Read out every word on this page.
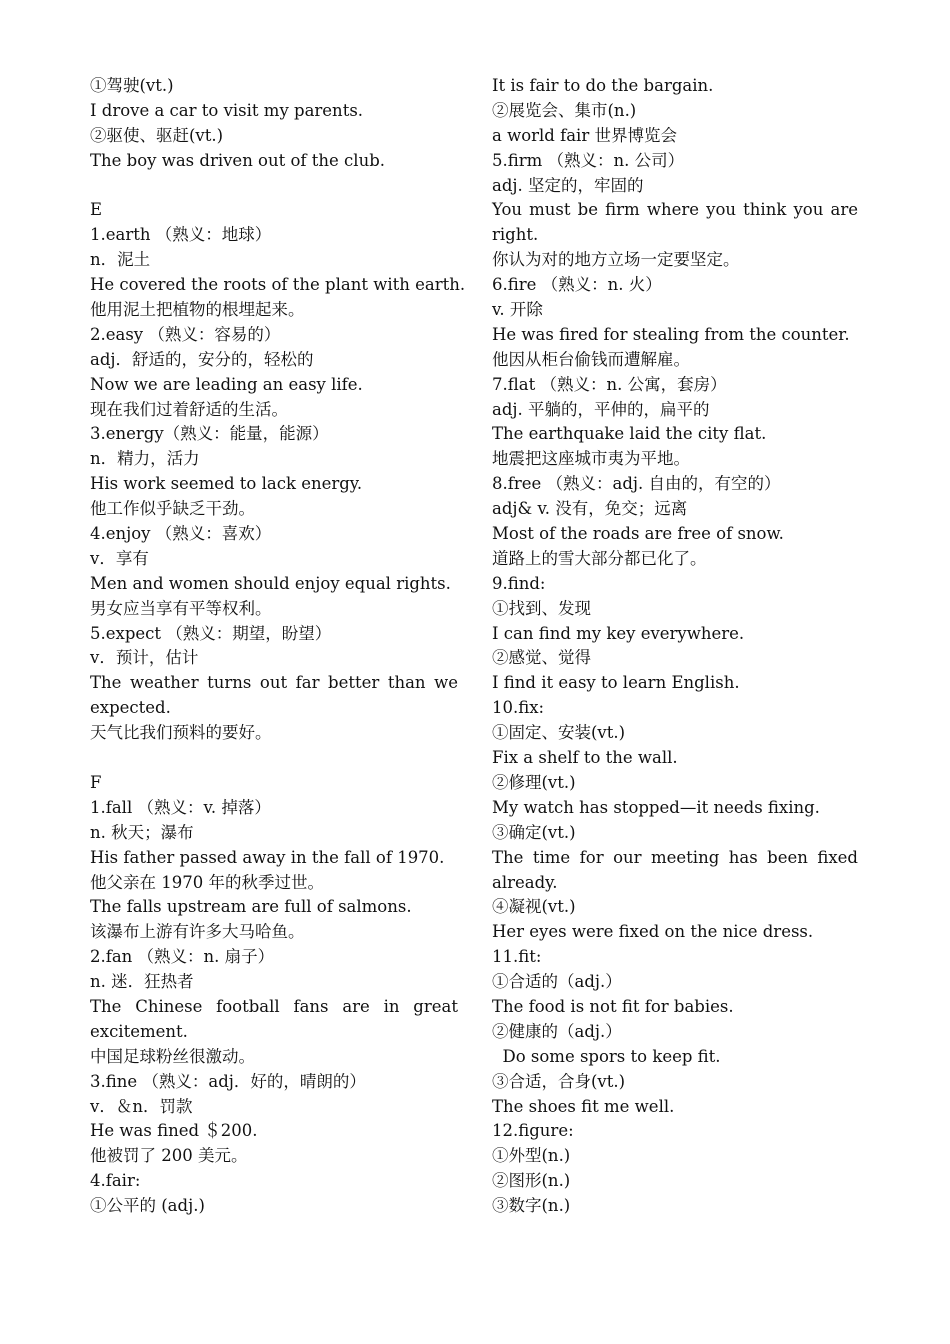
①驾驶(vt.)
I drove a car to visit my parents.
②驱使、驱赶(vt.)
The boy was driven out of the club.
E
1.earth （熟义：地球）
n．泥土
He covered the roots of the plant with earth.
他用泥土把植物的根埋起来。
2.easy （熟义：容易的）
adj．舒适的，安分的，轻松的
Now we are leading an easy life.
现在我们过着舒适的生活。
3.energy（熟义：能量，能源）
n．精力，活力
His work seemed to lack energy.
他工作似乎缺乏干劲。
4.enjoy （熟义：喜欢）
v．享有
Men and women should enjoy equal rights.
男女应当享有平等权利。
5.expect （熟义：期望，盼望）
v．预计，估计
The weather turns out far better than we
expected.
天气比我们预料的要好。
F
1.fall （熟义：v. 掉落）
n. 秋天；瀑布
His father passed away in the fall of 1970.
他父亲在 1970 年的秋季过世。
The falls upstream are full of salmons.
该瀑布上游有许多大马哈鱼。
2.fan （熟义：n. 扇子）
n. 迷．狂热者
The Chinese football fans are in great
excitement.
中国足球粉丝很激动。
3.fine （熟义：adj．好的，晴朗的）
v．＆n．罚款
He was fined ＄200.
他被罚了 200 美元。
4.fair:
①公平的 (adj.)
It is fair to do the bargain.
②展览会、集市(n.)
a world fair 世界博览会
5.firm （熟义：n. 公司）
adj. 坚定的，牢固的
You must be firm where you think you are
right.
你认为对的地方立场一定要坚定。
6.fire （熟义：n. 火）
v. 开除
He was fired for stealing from the counter.
他因从柜台偷钱而遭解雇。
7.flat （熟义：n. 公寓，套房）
adj. 平躺的，平伸的，扁平的
The earthquake laid the city flat.
地震把这座城市夷为平地。
8.free （熟义：adj. 自由的，有空的）
adj& v. 没有，免交；远离
Most of the roads are free of snow.
道路上的雪大部分都已化了。
9.find:
①找到、发现
I can find my key everywhere.
②感觉、觉得
I find it easy to learn English.
10.fix:
①固定、安装(vt.)
Fix a shelf to the wall.
②修理(vt.)
My watch has stopped—it needs fixing.
③确定(vt.)
The time for our meeting has been fixed
already.
④凝视(vt.)
Her eyes were fixed on the nice dress.
11.fit:
①合适的（adj.）
The food is not fit for babies.
②健康的（adj.）
Do some spors to keep fit.
③合适，合身(vt.)
The shoes fit me well.
12.figure:
①外型(n.)
②图形(n.)
③数字(n.)
